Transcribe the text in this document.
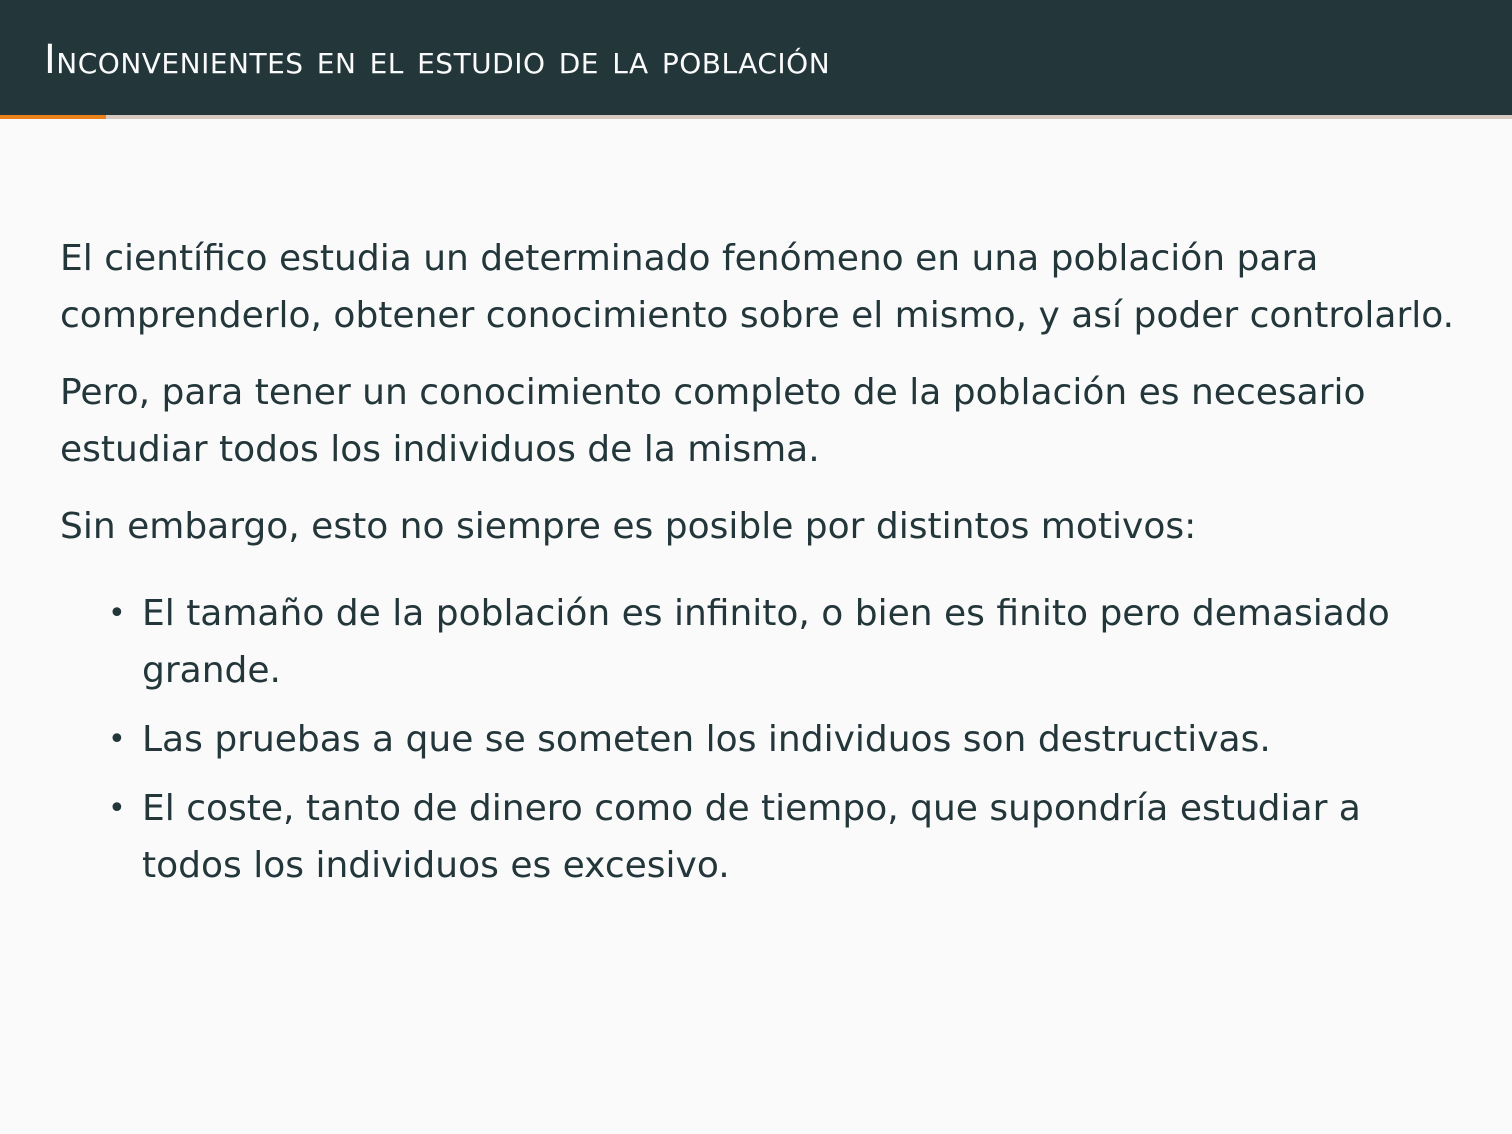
Inconvenientes en el estudio de la población

El científico estudia un determinado fenómeno en una población para comprenderlo, obtener conocimiento sobre el mismo, y así poder controlarlo.

Pero, para tener un conocimiento completo de la población es necesario estudiar todos los individuos de la misma.

Sin embargo, esto no siempre es posible por distintos motivos:

• El tamaño de la población es infinito, o bien es finito pero demasiado grande.
• Las pruebas a que se someten los individuos son destructivas.
• El coste, tanto de dinero como de tiempo, que supondría estudiar a todos los individuos es excesivo.
